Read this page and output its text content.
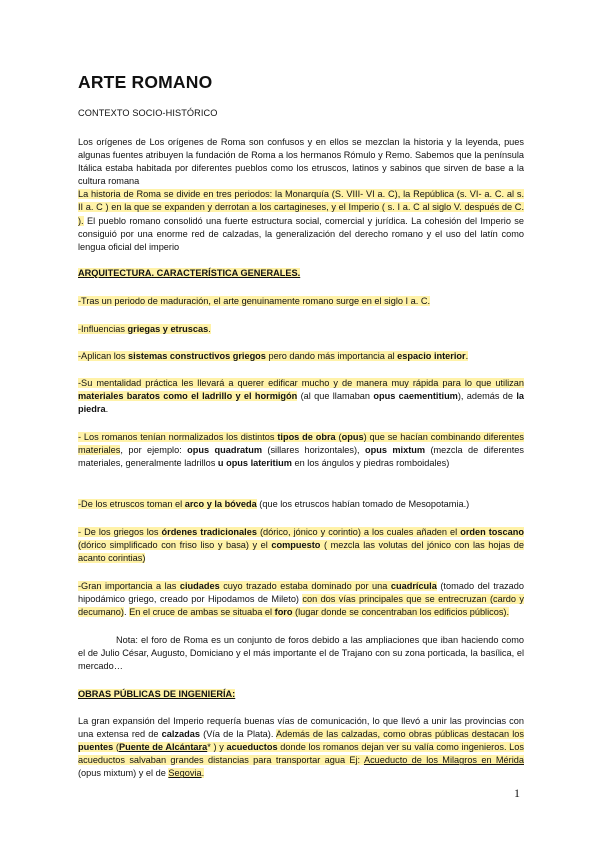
ARTE ROMANO
CONTEXTO SOCIO-HISTÓRICO
Los orígenes de Los orígenes de Roma son confusos y en ellos se mezclan la historia y la leyenda, pues algunas fuentes atribuyen la fundación de Roma a los hermanos Rómulo y Remo. Sabemos que la península Itálica estaba habitada por diferentes pueblos como los etruscos, latinos y sabinos que sirven de base a la cultura romana
La historia de Roma se divide en tres periodos: la Monarquía (S. VIII- VI a. C), la República (s. VI- a. C. al s. II a. C ) en la que se expanden y derrotan a los cartagineses, y el Imperio ( s. I a. C al siglo V. después de C. ). El pueblo romano consolidó una fuerte estructura social, comercial y jurídica. La cohesión del Imperio se consiguió por una enorme red de calzadas, la generalización del derecho romano y el uso del latín como lengua oficial del imperio
ARQUITECTURA. CARACTERÍSTICA GENERALES.
-Tras un periodo de maduración, el arte genuinamente romano surge en el siglo I a. C.
-Influencias griegas y etruscas.
-Aplican los sistemas constructivos griegos pero dando más importancia al espacio interior.
-Su mentalidad práctica les llevará a querer edificar mucho y de manera muy rápida para lo que utilizan materiales baratos como el ladrillo y el hormigón (al que llamaban opus caementitium), además de la piedra.
- Los romanos tenían normalizados los distintos tipos de obra (opus) que se hacían combinando diferentes materiales, por ejemplo: opus quadratum (sillares horizontales), opus mixtum (mezcla de diferentes materiales, generalmente ladrillos u opus lateritium en los ángulos y piedras romboidales)
-De los etruscos toman el arco y la bóveda (que los etruscos habían tomado de Mesopotamia.)
- De los griegos los órdenes tradicionales (dórico, jónico y corintio) a los cuales añaden el orden toscano (dórico simplificado con friso liso y basa) y el compuesto ( mezcla las volutas del jónico con las hojas de acanto corintias)
-Gran importancia a las ciudades cuyo trazado estaba dominado por una cuadrícula (tomado del trazado hipodámico griego, creado por Hipodamos de Mileto) con dos vías principales que se entrecruzan (cardo y decumano). En el cruce de ambas se situaba el foro (lugar donde se concentraban los edificios públicos).
Nota: el foro de Roma es un conjunto de foros debido a las ampliaciones que iban haciendo como el de Julio César, Augusto, Domiciano y el más importante el de Trajano con su zona porticada, la basílica, el mercado…
OBRAS PÚBLICAS DE INGENIERÍA:
La gran expansión del Imperio requería buenas vías de comunicación, lo que llevó a unir las provincias con una extensa red de calzadas (Vía de la Plata). Además de las calzadas, como obras públicas destacan los puentes (Puente de Alcántara* ) y acueductos donde los romanos dejan ver su valía como ingenieros. Los acueductos salvaban grandes distancias para transportar agua Ej: Acueducto de los Milagros en Mérida (opus mixtum) y el de Segovia.
1
